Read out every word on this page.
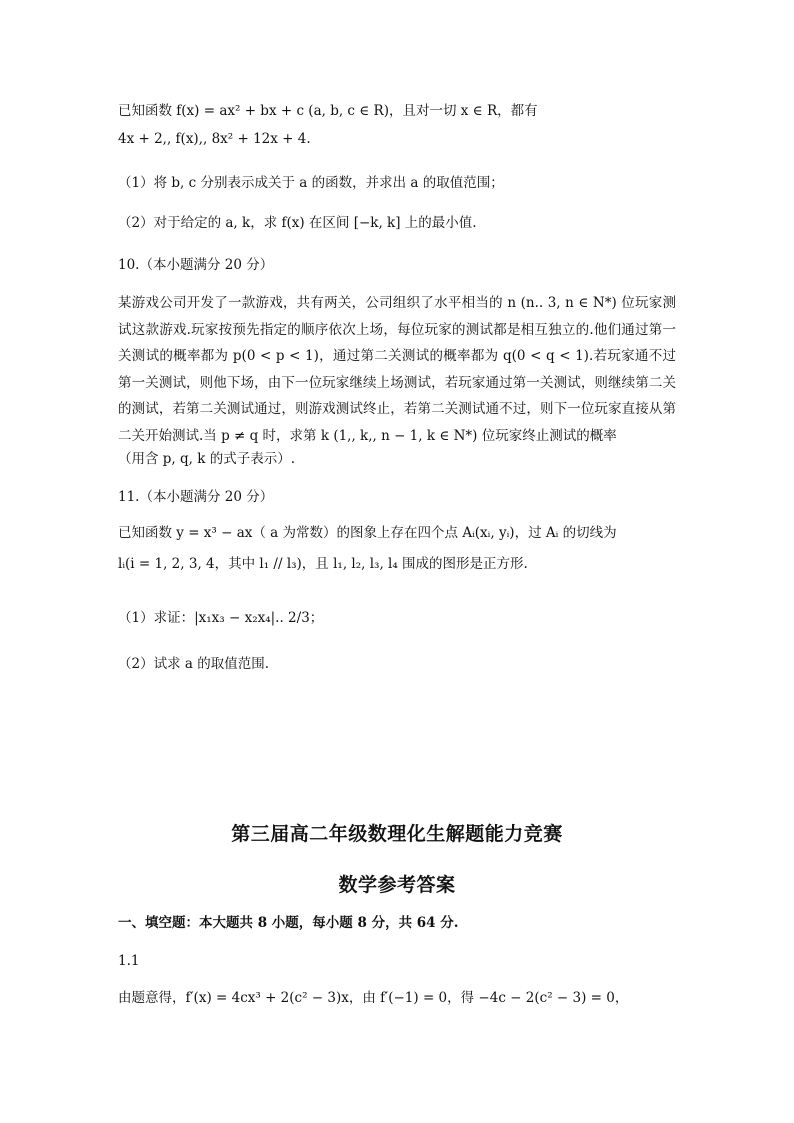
已知函数 f(x) = ax² + bx + c (a, b, c ∈ R)，且对一切 x ∈ R，都有
4x + 2,, f(x),, 8x² + 12x + 4.
（1）将 b, c 分别表示成关于 a 的函数，并求出 a 的取值范围；
（2）对于给定的 a, k，求 f(x) 在区间 [−k, k] 上的最小值.
10.（本小题满分 20 分）
某游戏公司开发了一款游戏，共有两关，公司组织了水平相当的 n (n.. 3, n ∈ N*) 位玩家测试这款游戏.玩家按预先指定的顺序依次上场，每位玩家的测试都是相互独立的.他们通过第一关测试的概率都为 p(0 < p < 1)，通过第二关测试的概率都为 q(0 < q < 1).若玩家通不过第一关测试，则他下场，由下一位玩家继续上场测试，若玩家通过第一关测试，则继续第二关的测试，若第二关测试通过，则游戏测试终止，若第二关测试通不过，则下一位玩家直接从第二关开始测试.当 p ≠ q 时，求第 k (1,, k,, n − 1, k ∈ N*) 位玩家终止测试的概率
（用含 p, q, k 的式子表示）.
11.（本小题满分 20 分）
已知函数 y = x³ − ax（ a 为常数）的图象上存在四个点 Aᵢ(xᵢ, yᵢ)，过 Aᵢ 的切线为
lᵢ(i = 1, 2, 3, 4，其中 l₁ // l₃)，且 l₁, l₂, l₃, l₄ 围成的图形是正方形.
（1）求证：|x₁x₃ − x₂x₄|.. 2/3；
（2）试求 a 的取值范围.
第三届高二年级数理化生解题能力竞赛
数学参考答案
一、填空题：本大题共 8 小题，每小题 8 分，共 64 分.
1.1
由题意得，f′(x) = 4cx³ + 2(c² − 3)x，由 f′(−1) = 0，得 −4c − 2(c² − 3) = 0，
